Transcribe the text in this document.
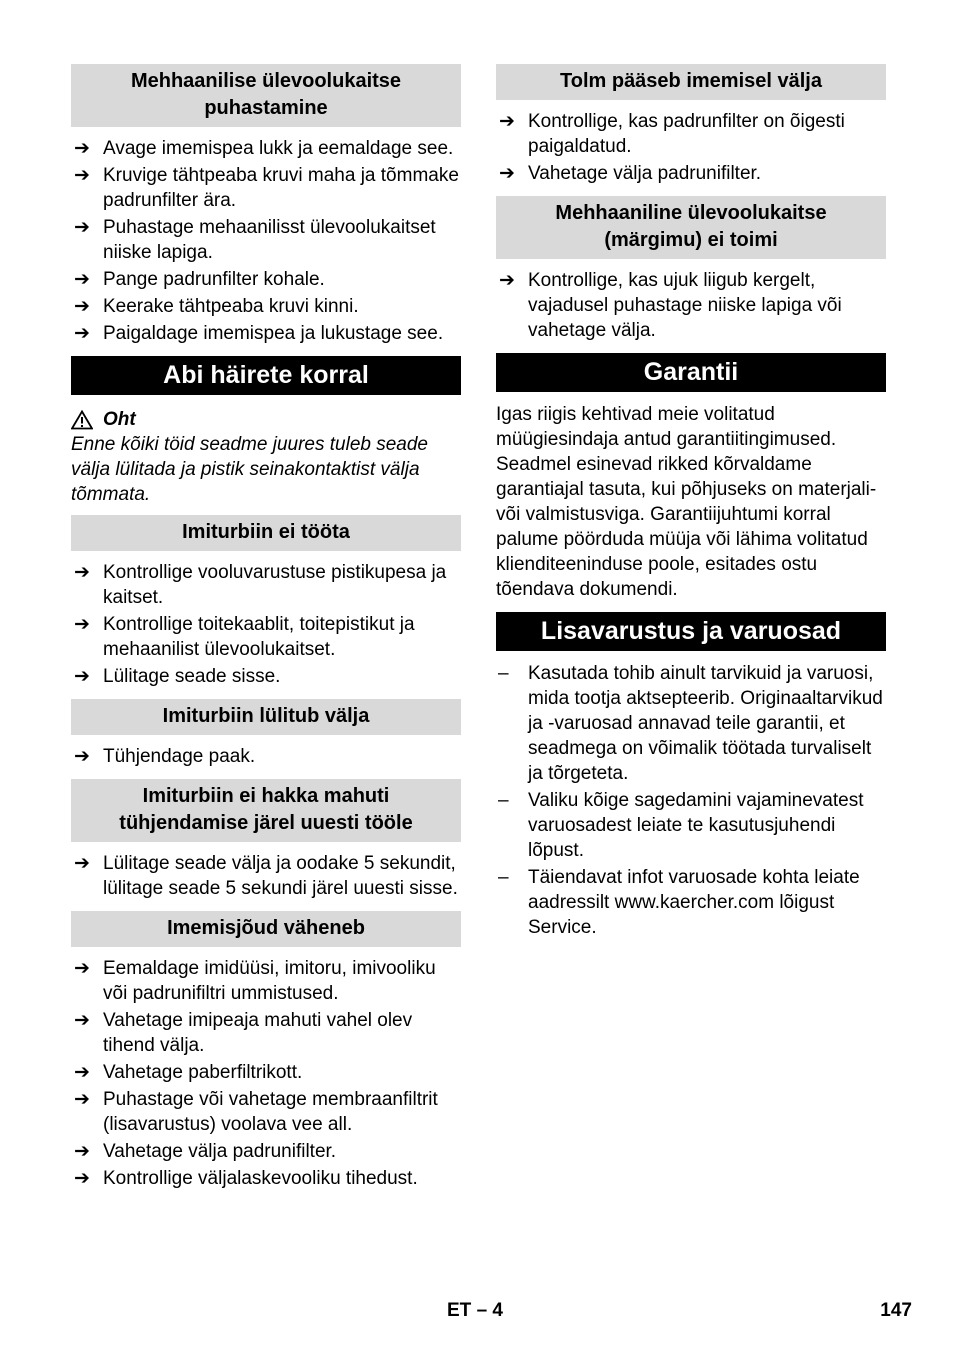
Mehhaanilise ülevoolukaitse puhastamine
➔ Avage imemispea lukk ja eemaldage see.
➔ Kruvige tähtpeaba kruvi maha ja tõmmake padrunfilter ära.
➔ Puhastage mehaanilisst ülevoolukaitset niiske lapiga.
➔ Pange padrunfilter kohale.
➔ Keerake tähtpeaba kruvi kinni.
➔ Paigaldage imemispea ja lukustage see.
Abi häirete korral
Oht
Enne kõiki töid seadme juures tuleb seade välja lülitada ja pistik seinakontaktist välja tõmmata.
Imiturbiin ei tööta
➔ Kontrollige vooluvarustuse pistikupesa ja kaitset.
➔ Kontrollige toitekaablit, toitepistikut ja mehaanilist ülevoolukaitset.
➔ Lülitage seade sisse.
Imiturbiin lülitub välja
➔ Tühjendage paak.
Imiturbiin ei hakka mahuti tühjendamise järel uuesti tööle
➔ Lülitage seade välja ja oodake 5 sekundit, lülitage seade 5 sekundi järel uuesti sisse.
Imemisjõud väheneb
➔ Eemaldage imidüüsi, imitoru, imivooliku või padrunifiltri ummistused.
➔ Vahetage imipeaja mahuti vahel olev tihend välja.
➔ Vahetage paberfiltrikott.
➔ Puhastage või vahetage membraanfiltrit (lisavarustus) voolava vee all.
➔ Vahetage välja padrunifilter.
➔ Kontrollige väljalaskevooliku tihedust.
Tolm pääseb imemisel välja
➔ Kontrollige, kas padrunfilter on õigesti paigaldatud.
➔ Vahetage välja padrunifilter.
Mehhaaniline ülevoolukaitse (märgimu) ei toimi
➔ Kontrollige, kas ujuk liigub kergelt, vajadusel puhastage niiske lapiga või vahetage välja.
Garantii

Igas riigis kehtivad meie volitatud müügiesindaja antud garantiitingimused. Seadmel esinevad rikked kõrvaldame garantiajal tasuta, kui põhjuseks on materjali- või valmistusviga. Garantiijuhtumi korral palume pöörduda müüja või lähima volitatud klienditeeninduse poole, esitades ostu tõendava dokumendi.

Lisavarustus ja varuosad
– Kasutada tohib ainult tarvikuid ja varuosi, mida tootja aktsepteerib. Originaaltarvikud ja -varuosad annavad teile garantii, et seadmega on võimalik töötada turvaliselt ja tõrgeteta.
– Valiku kõige sagedamini vajaminevatest varuosadest leiate te kasutusjuhendi lõpust.
– Täiendavat infot varuosade kohta leiate aadressilt www.kaercher.com lõigust Service.
ET – 4	147
